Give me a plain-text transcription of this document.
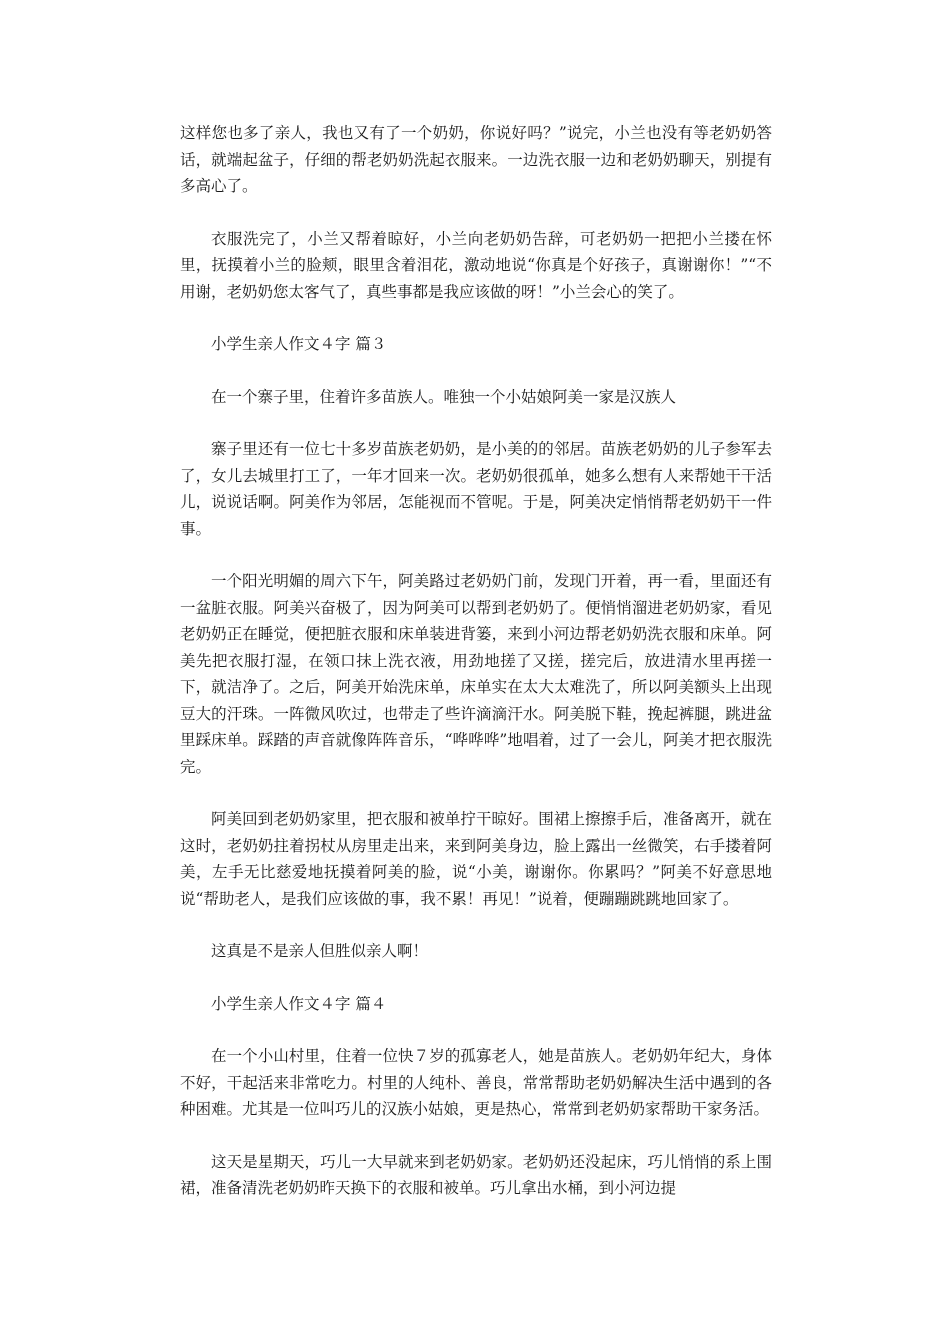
这样您也多了亲人，我也又有了一个奶奶，你说好吗？”说完，小兰也没有等老奶奶答话，就端起盆子，仔细的帮老奶奶洗起衣服来。一边洗衣服一边和老奶奶聊天，别提有多高心了。

衣服洗完了，小兰又帮着晾好，小兰向老奶奶告辞，可老奶奶一把把小兰搂在怀里，抚摸着小兰的脸颊，眼里含着泪花，激动地说“你真是个好孩子，真谢谢你！”“不用谢，老奶奶您太客气了，真些事都是我应该做的呀！”小兰会心的笑了。

小学生亲人作文４字 篇３

在一个寨子里，住着许多苗族人。唯独一个小姑娘阿美一家是汉族人

寨子里还有一位七十多岁苗族老奶奶，是小美的的邻居。苗族老奶奶的儿子参军去了，女儿去城里打工了，一年才回来一次。老奶奶很孤单，她多么想有人来帮她干干活儿，说说话啊。阿美作为邻居，怎能视而不管呢。于是，阿美决定悄悄帮老奶奶干一件事。

一个阳光明媚的周六下午，阿美路过老奶奶门前，发现门开着，再一看，里面还有一盆脏衣服。阿美兴奋极了，因为阿美可以帮到老奶奶了。便悄悄溜进老奶奶家，看见老奶奶正在睡觉，便把脏衣服和床单装进背篓，来到小河边帮老奶奶洗衣服和床单。阿美先把衣服打湿，在领口抹上洗衣液，用劲地搓了又搓，搓完后，放进清水里再搓一下，就洁净了。之后，阿美开始洗床单，床单实在太大太难洗了，所以阿美额头上出现豆大的汗珠。一阵微风吹过，也带走了些许滴滴汗水。阿美脱下鞋，挽起裤腿，跳进盆里踩床单。踩踏的声音就像阵阵音乐，“哗哗哗”地唱着，过了一会儿，阿美才把衣服洗完。

阿美回到老奶奶家里，把衣服和被单拧干晾好。围裙上擦擦手后，准备离开，就在这时，老奶奶拄着拐杖从房里走出来，来到阿美身边，脸上露出一丝微笑，右手搂着阿美，左手无比慈爱地抚摸着阿美的脸，说“小美，谢谢你。你累吗？”阿美不好意思地说“帮助老人，是我们应该做的事，我不累！再见！”说着，便蹦蹦跳跳地回家了。

这真是不是亲人但胜似亲人啊！

小学生亲人作文４字 篇４

在一个小山村里，住着一位快７岁的孤寡老人，她是苗族人。老奶奶年纪大，身体不好，干起活来非常吃力。村里的人纯朴、善良，常常帮助老奶奶解决生活中遇到的各种困难。尤其是一位叫巧儿的汉族小姑娘，更是热心，常常到老奶奶家帮助干家务活。

这天是星期天，巧儿一大早就来到老奶奶家。老奶奶还没起床，巧儿悄悄的系上围裙，准备清洗老奶奶昨天换下的衣服和被单。巧儿拿出水桶，到小河边提
